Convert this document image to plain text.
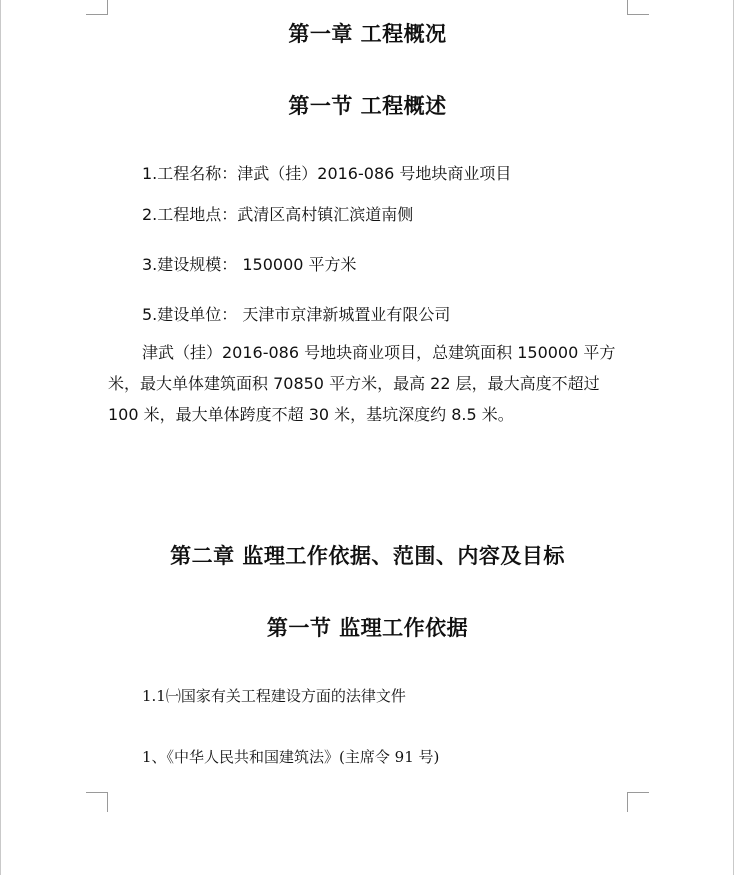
第一章 工程概况
第一节 工程概述
1.工程名称：津武（挂）2016-086 号地块商业项目
2.工程地点：武清区高村镇汇滨道南侧
3.建设规模： 150000 平方米
5.建设单位： 天津市京津新城置业有限公司
津武（挂）2016-086 号地块商业项目，总建筑面积 150000 平方
米，最大单体建筑面积 70850 平方米，最高 22 层，最大高度不超过
100 米，最大单体跨度不超 30 米，基坑深度约 8.5 米。
第二章 监理工作依据、范围、内容及目标
第一节 监理工作依据
1.1㈠国家有关工程建设方面的法律文件
1、《中华人民共和国建筑法》(主席令 91 号)
